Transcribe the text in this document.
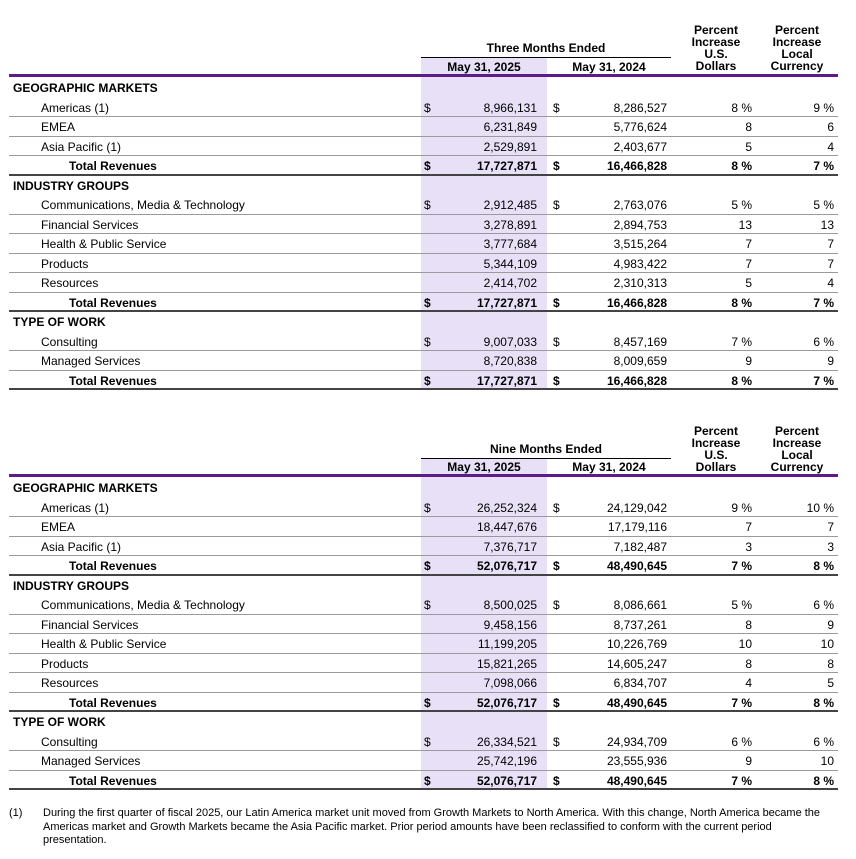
Three Months Ended
May 31, 2025	May 31, 2024
Percent
Increase
U.S.
Dollars
Percent
Increase
Local
Currency
GEOGRAPHIC MARKETS
Americas (1)	$	8,966,131 $	8,286,527	8 %	9 %
EMEA	6,231,849	5,776,624	8	6
Asia Pacific (1)	2,529,891	2,403,677	5	4
Total Revenues	$	17,727,871 $	16,466,828	8 %	7 %
INDUSTRY GROUPS
Communications, Media & Technology	$	2,912,485 $	2,763,076	5 %	5 %
Financial Services	3,278,891	2,894,753	13	13
Health & Public Service	3,777,684	3,515,264	7	7
Products	5,344,109	4,983,422	7	7
Resources	2,414,702	2,310,313	5	4
Total Revenues	$	17,727,871 $	16,466,828	8 %	7 %
TYPE OF WORK
Consulting	$	9,007,033 $	8,457,169	7 %	6 %
Managed Services	8,720,838	8,009,659	9	9
Total Revenues	$	17,727,871 $	16,466,828	8 %	7 %
Nine Months Ended
May 31, 2025	May 31, 2024
Percent
Increase
U.S.
Dollars
Percent
Increase
Local
Currency
GEOGRAPHIC MARKETS
Americas (1)	$	26,252,324 $	24,129,042	9 %	10 %
EMEA	18,447,676	17,179,116	7	7
Asia Pacific (1)	7,376,717	7,182,487	3	3
Total Revenues	$	52,076,717 $	48,490,645	7 %	8 %
INDUSTRY GROUPS
Communications, Media & Technology	$	8,500,025 $	8,086,661	5 %	6 %
Financial Services	9,458,156	8,737,261	8	9
Health & Public Service	11,199,205	10,226,769	10	10
Products	15,821,265	14,605,247	8	8
Resources	7,098,066	6,834,707	4	5
Total Revenues	$	52,076,717 $	48,490,645	7 %	8 %
TYPE OF WORK
Consulting	$	26,334,521 $	24,934,709	6 %	6 %
Managed Services	25,742,196	23,555,936	9	10
Total Revenues	$	52,076,717 $	48,490,645	7 %	8 %
(1) During the first quarter of fiscal 2025, our Latin America market unit moved from Growth Markets to North America. With this change, North America became the Americas market and Growth Markets became the Asia Pacific market. Prior period amounts have been reclassified to conform with the current period presentation.
